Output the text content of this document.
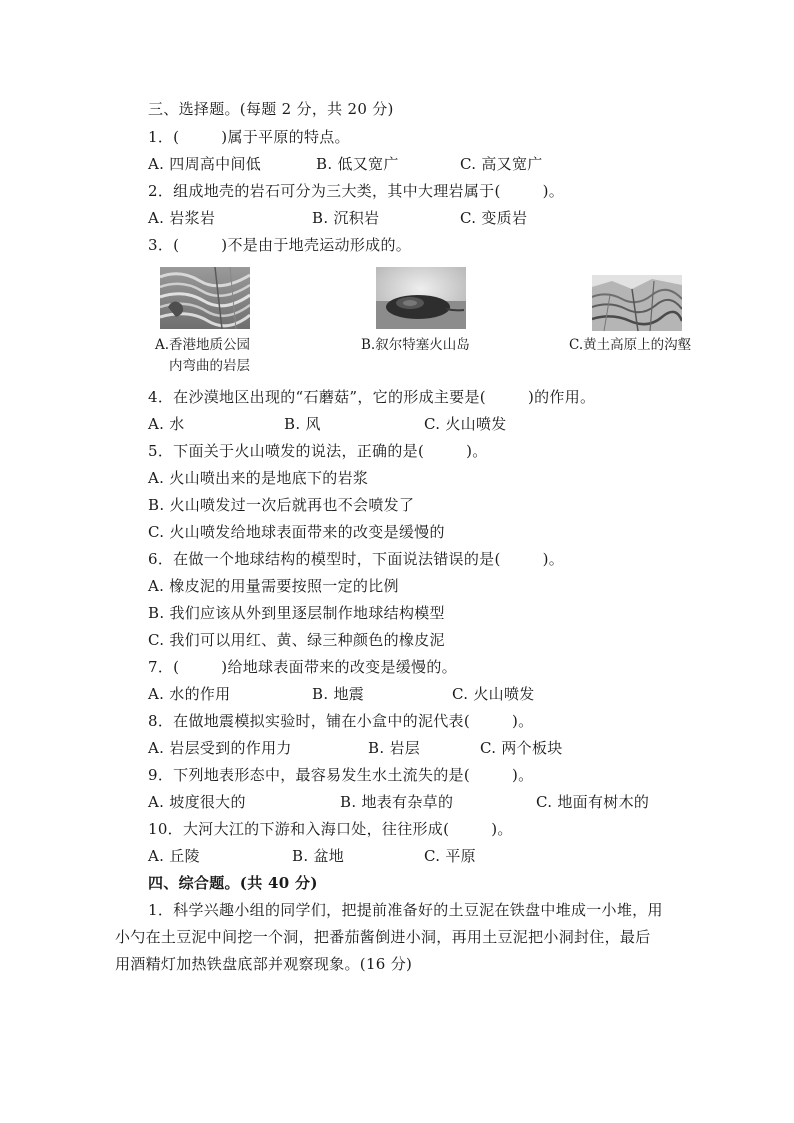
三、选择题。(每题 2 分，共 20 分)
1．(	)属于平原的特点。
A. 四周高中间低	B. 低又宽广	C. 高又宽广
2．组成地壳的岩石可分为三大类，其中大理岩属于(	)。
A. 岩浆岩	B. 沉积岩	C. 变质岩
3．(	)不是由于地壳运动形成的。
A.香港地质公园
内弯曲的岩层
B.叙尔特塞火山岛	C.黄土高原上的沟壑
4．在沙漠地区出现的“石蘑菇”，它的形成主要是(	)的作用。
A. 水	B. 风	C. 火山喷发
5．下面关于火山喷发的说法，正确的是(	)。
A. 火山喷出来的是地底下的岩浆
B. 火山喷发过一次后就再也不会喷发了
C. 火山喷发给地球表面带来的改变是缓慢的
6．在做一个地球结构的模型时，下面说法错误的是(	)。
A. 橡皮泥的用量需要按照一定的比例
B. 我们应该从外到里逐层制作地球结构模型
C. 我们可以用红、黄、绿三种颜色的橡皮泥
7．(	)给地球表面带来的改变是缓慢的。
A. 水的作用	B. 地震	C. 火山喷发
8．在做地震模拟实验时，铺在小盒中的泥代表(	)。
A. 岩层受到的作用力	B. 岩层	C. 两个板块
9．下列地表形态中，最容易发生水土流失的是(	)。
A. 坡度很大的	B. 地表有杂草的	C. 地面有树木的
10．大河大江的下游和入海口处，往往形成(	)。
A. 丘陵	B. 盆地	C. 平原
四、综合题。(共 40 分)
1．科学兴趣小组的同学们，把提前准备好的土豆泥在铁盘中堆成一小堆，用
小勺在土豆泥中间挖一个洞，把番茄酱倒进小洞，再用土豆泥把小洞封住，最后
用酒精灯加热铁盘底部并观察现象。(16 分)
